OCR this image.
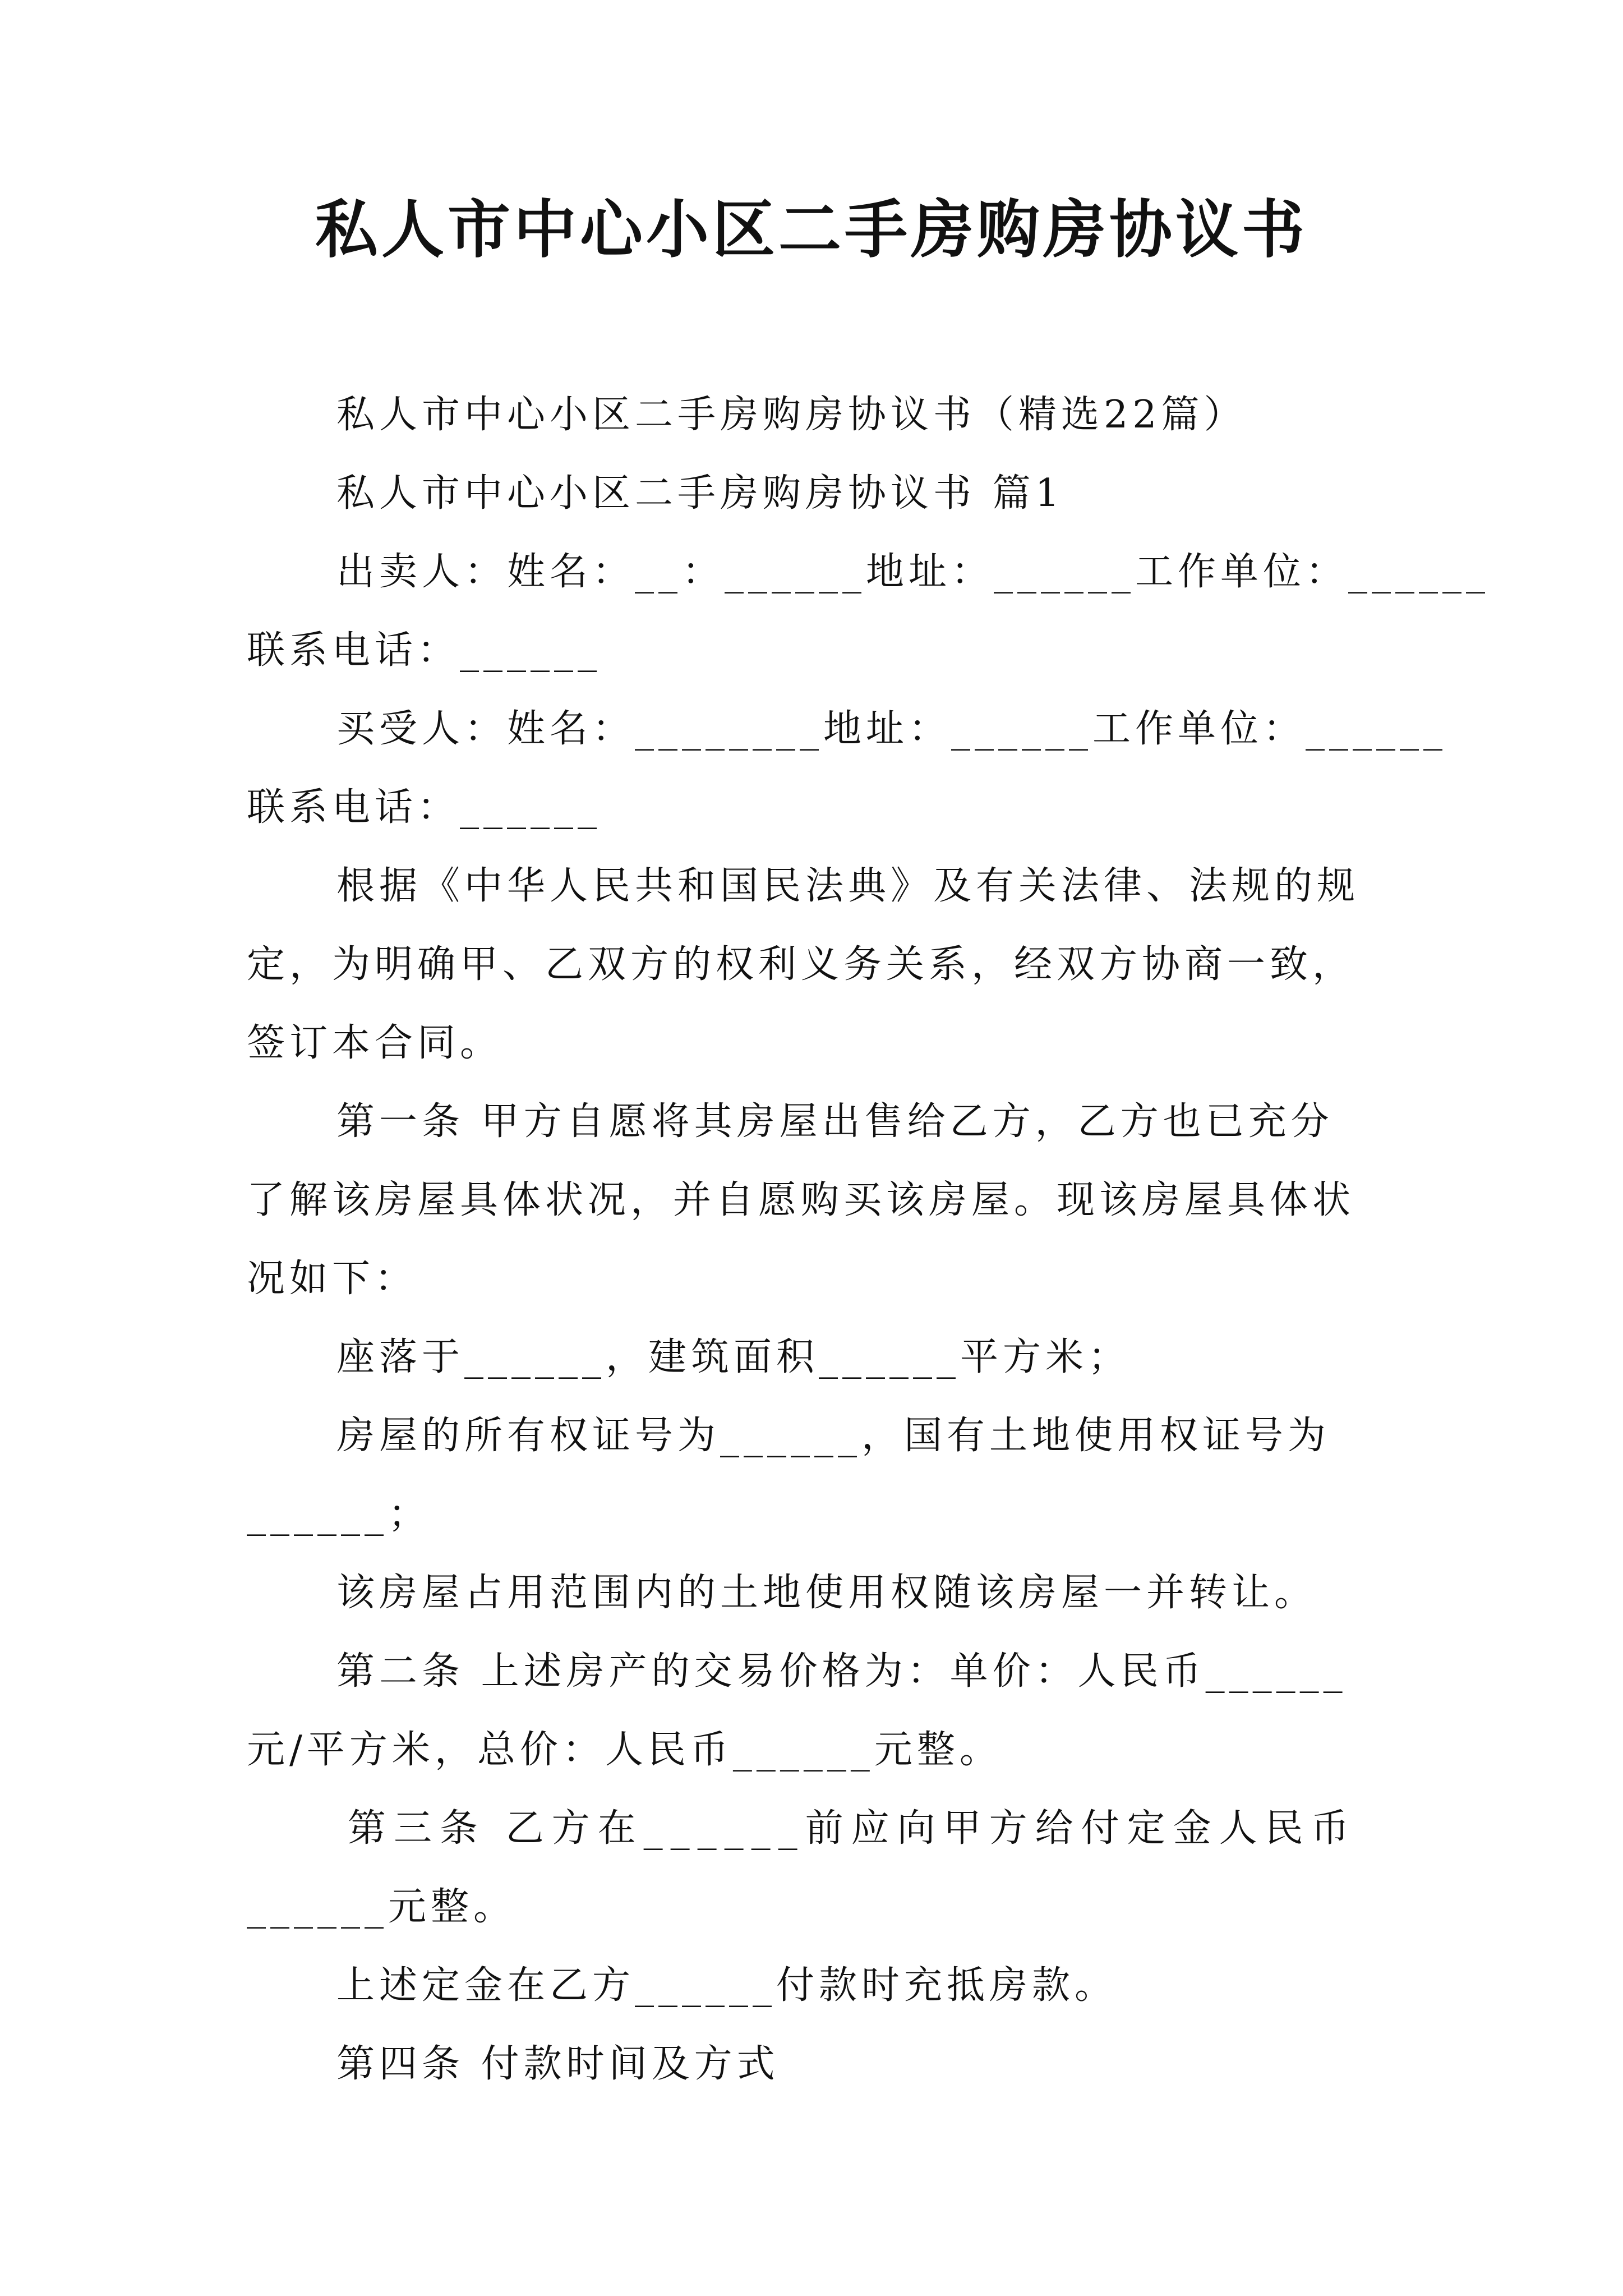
私人市中心小区二手房购房协议书
私人市中心小区二手房购房协议书（精选22篇）
私人市中心小区二手房购房协议书 篇1
出卖人：姓名：__：______地址：______工作单位：______
联系电话：______
买受人：姓名：________地址：______工作单位：______
联系电话：______
根据《中华人民共和国民法典》及有关法律、法规的规
定，为明确甲、乙双方的权利义务关系，经双方协商一致，
签订本合同。
第一条 甲方自愿将其房屋出售给乙方，乙方也已充分
了解该房屋具体状况，并自愿购买该房屋。现该房屋具体状
况如下：
座落于______，建筑面积______平方米；
房屋的所有权证号为______，国有土地使用权证号为
______；
该房屋占用范围内的土地使用权随该房屋一并转让。
第二条 上述房产的交易价格为：单价：人民币______
元/平方米，总价：人民币______元整。
第三条 乙方在______前应向甲方给付定金人民币
______元整。
上述定金在乙方______付款时充抵房款。
第四条 付款时间及方式
